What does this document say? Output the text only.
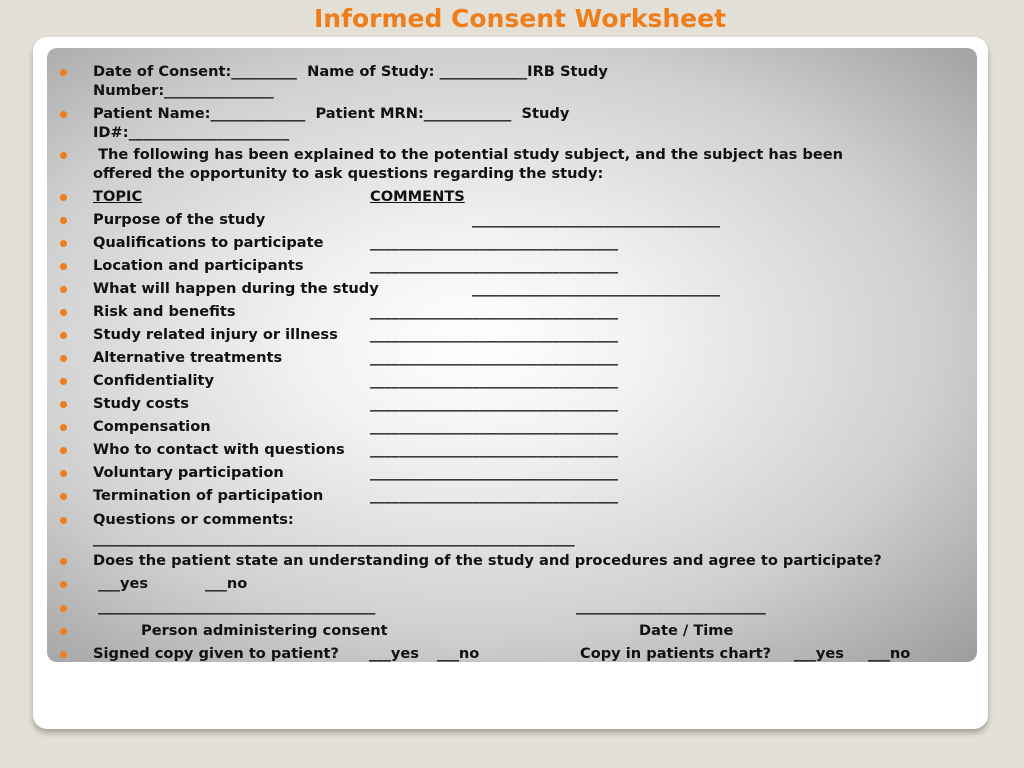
Informed Consent Worksheet
Date of Consent:_________  Name of Study: ____________IRB Study
Number:_______________
Patient Name:_____________  Patient MRN:____________  Study
ID#:______________________
The following has been explained to the potential study subject, and the subject has been
offered the opportunity to ask questions regarding the study:
TOPIC	COMMENTS
Purpose of the study	__________________________________
Qualifications to participate	__________________________________
Location and participants	__________________________________
What will happen during the study	__________________________________
Risk and benefits	__________________________________
Study related injury or illness __________________________________
Alternative treatments	__________________________________
Confidentiality	__________________________________
Study costs	__________________________________
Compensation	__________________________________
Who to contact with questions __________________________________
Voluntary participation	__________________________________
Termination of participation	__________________________________
Questions or comments:
__________________________________________________________________
Does the patient state an understanding of the study and procedures and agree to participate?
___yes	___no
______________________________________	__________________________
Person administering consent	Date / Time
Signed copy given to patient? ___yes ___no	Copy in patients chart? ___yes ___no
